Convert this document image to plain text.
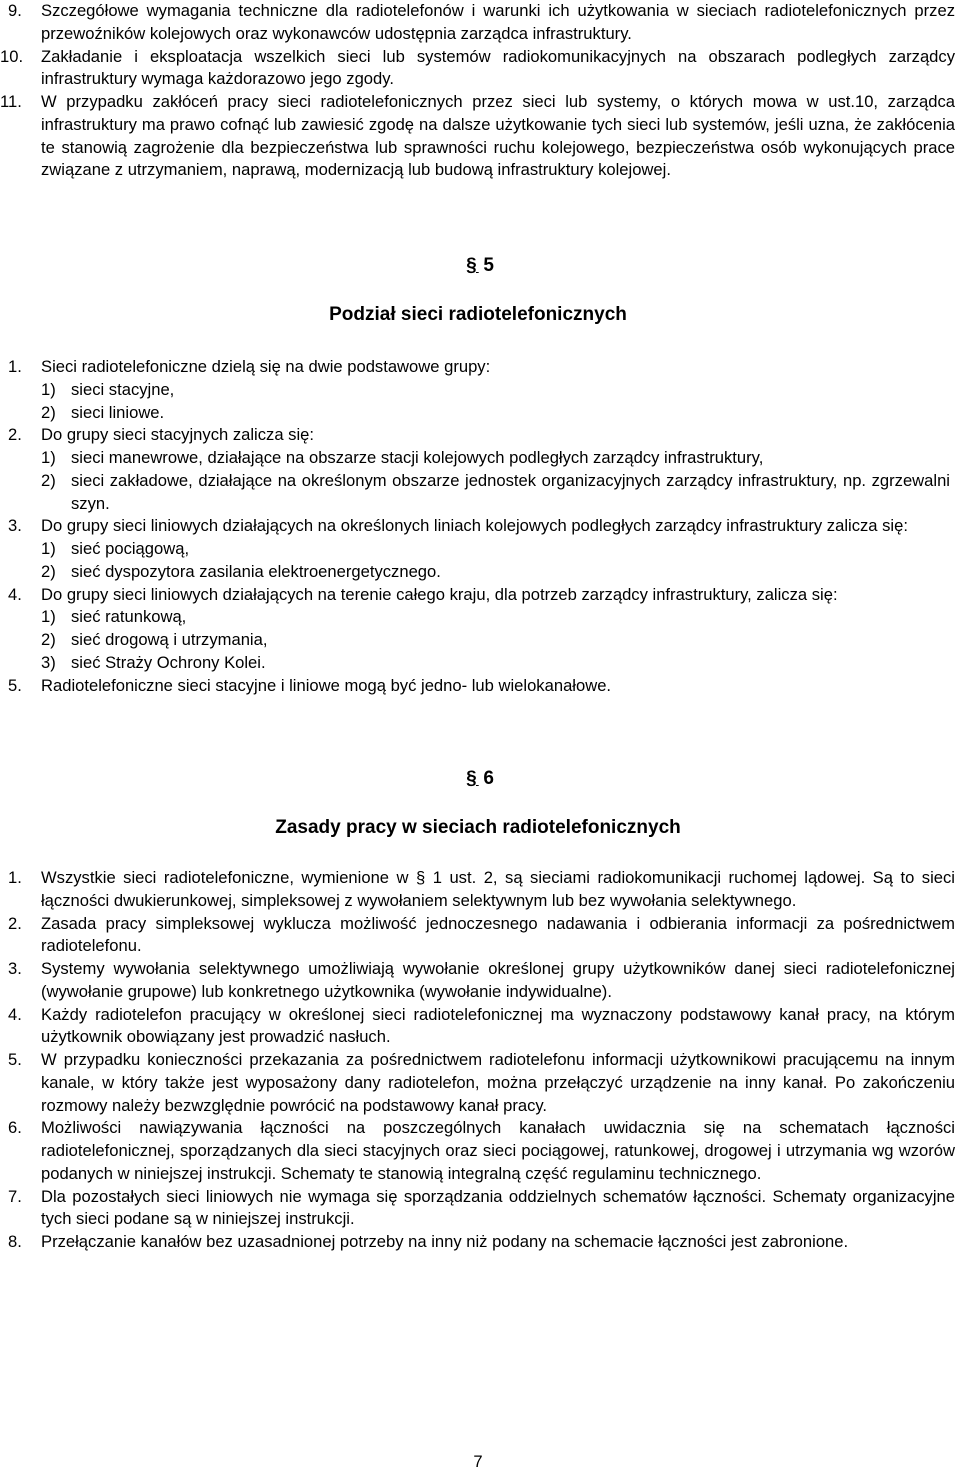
9.	Szczegółowe wymagania techniczne dla radiotelefonów i warunki ich użytkowania w sieciach radiotelefonicznych przez przewoźników kolejowych oraz wykonawców udostępnia zarządca infrastruktury.
10.	Zakładanie i eksploatacja wszelkich sieci lub systemów radiokomunikacyjnych na obszarach podległych zarządcy infrastruktury wymaga każdorazowo jego zgody.
11.	W przypadku zakłóceń pracy sieci radiotelefonicznych przez sieci lub systemy, o których mowa w ust.10, zarządca infrastruktury ma prawo cofnąć lub zawiesić zgodę na dalsze użytkowanie tych sieci lub systemów, jeśli uzna, że zakłócenia te stanowią zagrożenie dla bezpieczeństwa lub sprawności ruchu kolejowego, bezpieczeństwa osób wykonujących prace związane z utrzymaniem, naprawą, modernizacją lub budową infrastruktury kolejowej.
§ 5
Podział sieci radiotelefonicznych
1.	Sieci radiotelefoniczne dzielą się na dwie podstawowe grupy:
1) sieci stacyjne,
2) sieci liniowe.
2.	Do grupy sieci stacyjnych zalicza się:
1) sieci manewrowe, działające na obszarze stacji kolejowych podległych zarządcy infrastruktury,
2) sieci zakładowe, działające na określonym obszarze jednostek organizacyjnych zarządcy infrastruktury, np. zgrzewalni szyn.
3.	Do grupy sieci liniowych działających na określonych liniach kolejowych podległych zarządcy infrastruktury zalicza się:
1) sieć pociągową,
2) sieć dyspozytora zasilania elektroenergetycznego.
4.	Do grupy sieci liniowych działających na terenie całego kraju, dla potrzeb zarządcy infrastruktury, zalicza się:
1) sieć ratunkową,
2) sieć drogową i utrzymania,
3) sieć Straży Ochrony Kolei.
5.	Radiotelefoniczne sieci stacyjne i liniowe mogą być jedno- lub wielokanałowe.
§ 6
Zasady pracy w sieciach radiotelefonicznych
1.	Wszystkie sieci radiotelefoniczne, wymienione w § 1 ust. 2, są sieciami radiokomunikacji ruchomej lądowej. Są to sieci łączności dwukierunkowej, simpleksowej z wywołaniem selektywnym lub bez wywołania selektywnego.
2.	Zasada pracy simpleksowej wyklucza możliwość jednoczesnego nadawania i odbierania informacji za pośrednictwem radiotelefonu.
3.	Systemy wywołania selektywnego umożliwiają wywołanie określonej grupy użytkowników danej sieci radiotelefonicznej (wywołanie grupowe) lub konkretnego użytkownika (wywołanie indywidualne).
4.	Każdy radiotelefon pracujący w określonej sieci radiotelefonicznej ma wyznaczony podstawowy kanał pracy, na którym użytkownik obowiązany jest prowadzić nasłuch.
5.	W przypadku konieczności przekazania za pośrednictwem radiotelefonu informacji użytkownikowi pracującemu na innym kanale, w który także jest wyposażony dany radiotelefon, można przełączyć urządzenie na inny kanał. Po zakończeniu rozmowy należy bezwzględnie powrócić na podstawowy kanał pracy.
6.	Możliwości nawiązywania łączności na poszczególnych kanałach uwidacznia się na schematach łączności radiotelefonicznej, sporządzanych dla sieci stacyjnych oraz sieci pociągowej, ratunkowej, drogowej i utrzymania wg wzorów podanych w niniejszej instrukcji. Schematy te stanowią integralną część regulaminu technicznego.
7.	Dla pozostałych sieci liniowych nie wymaga się sporządzania oddzielnych schematów łączności. Schematy organizacyjne tych sieci podane są w niniejszej instrukcji.
8.	Przełączanie kanałów bez uzasadnionej potrzeby na inny niż podany na schemacie łączności jest zabronione.
7
